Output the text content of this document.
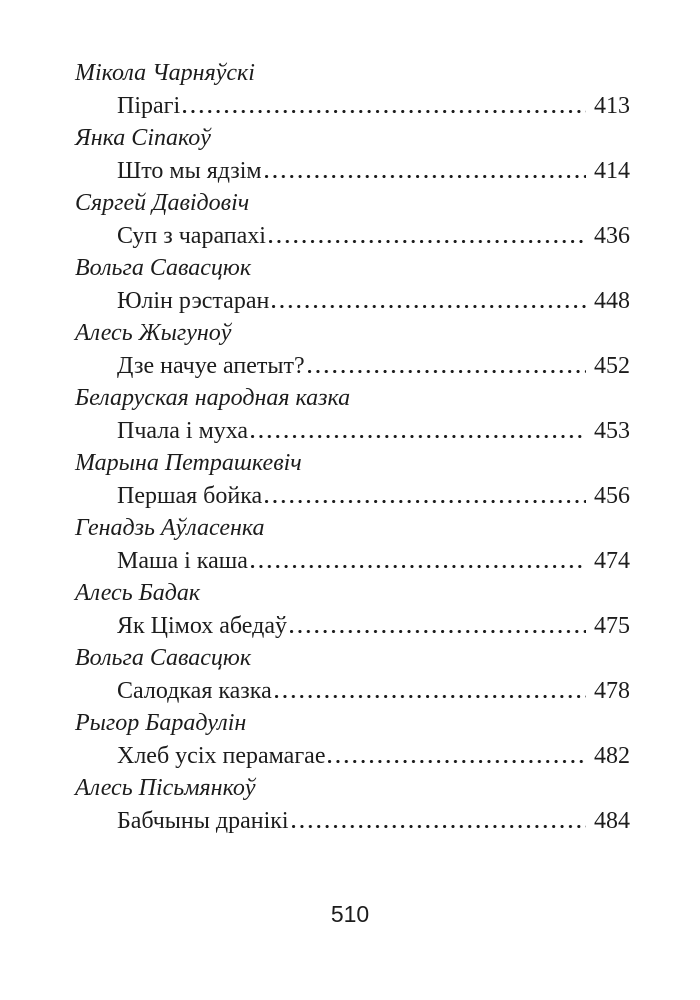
Мікола Чарняўскі
Пірагі	413
Янка Сіпакоў
Што мы ядзім	414
Сяргей Давідовіч
Суп з чарапахі	436
Вольга Савасцюк
Юлін рэстаран	448
Алесь Жыгуноў
Дзе начуе апетыт?	452
Беларуская народная казка
Пчала і муха	453
Марына Петрашкевіч
Першая бойка	456
Генадзь Аўласенка
Маша і каша	474
Алесь Бадак
Як Цімох абедаў	475
Вольга Савасцюк
Салодкая казка	478
Рыгор Барадулін
Хлеб усіх перамагае	482
Алесь Пісьмянкоў
Бабчыны дранікі	484
510
